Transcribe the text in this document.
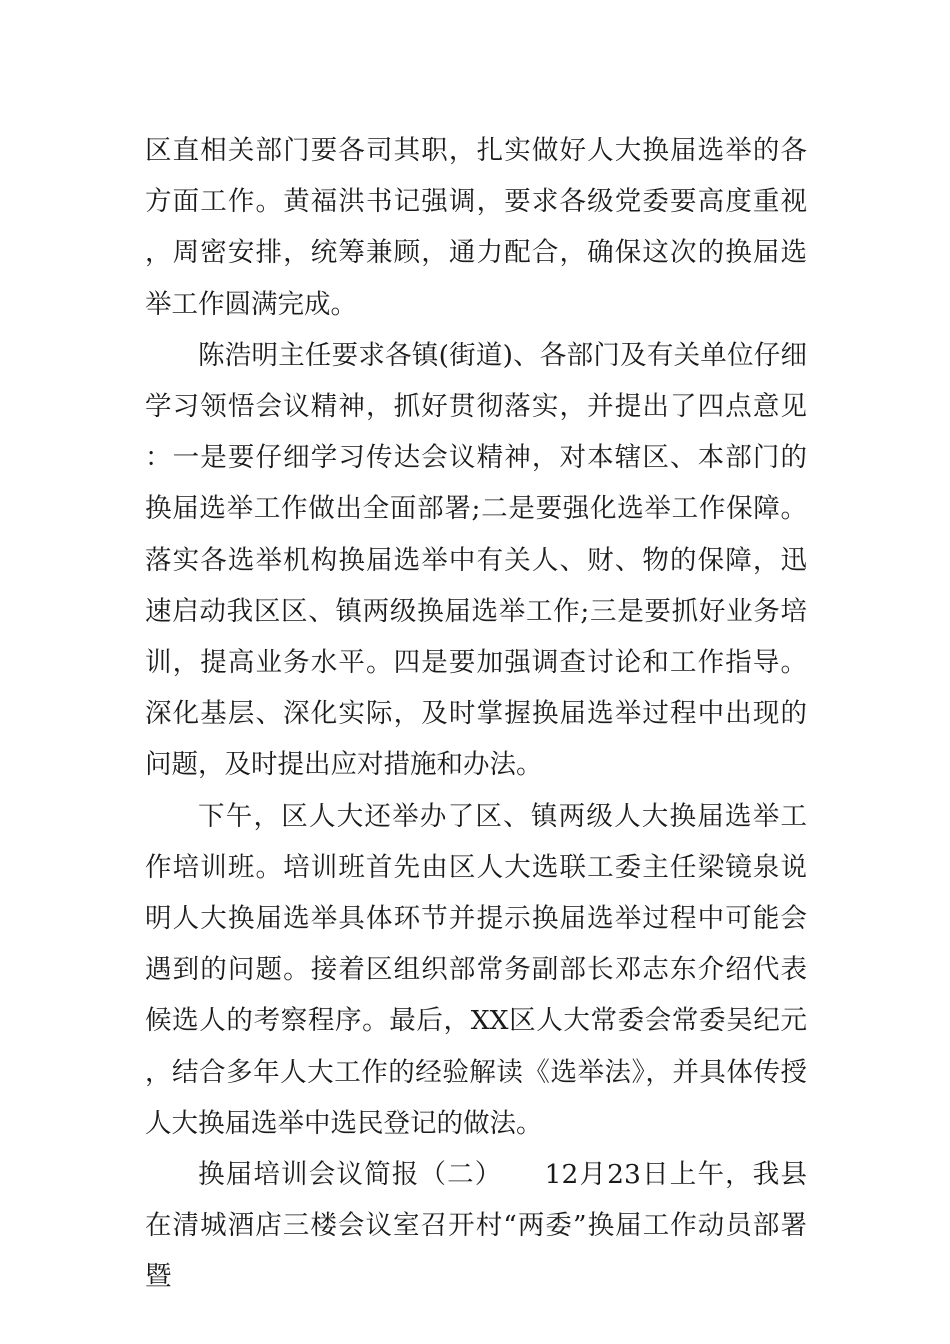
区直相关部门要各司其职，扎实做好人大换届选举的各方面工作。黄福洪书记强调，要求各级党委要高度重视，周密安排，统筹兼顾，通力配合，确保这次的换届选举工作圆满完成。

陈浩明主任要求各镇(街道)、各部门及有关单位仔细学习领悟会议精神，抓好贯彻落实，并提出了四点意见：一是要仔细学习传达会议精神，对本辖区、本部门的换届选举工作做出全面部署;二是要强化选举工作保障。落实各选举机构换届选举中有关人、财、物的保障，迅速启动我区区、镇两级换届选举工作;三是要抓好业务培训，提高业务水平。四是要加强调查讨论和工作指导。深化基层、深化实际，及时掌握换届选举过程中出现的问题，及时提出应对措施和办法。

下午，区人大还举办了区、镇两级人大换届选举工作培训班。培训班首先由区人大选联工委主任梁镜泉说明人大换届选举具体环节并提示换届选举过程中可能会遇到的问题。接着区组织部常务副部长邓志东介绍代表候选人的考察程序。最后，XX区人大常委会常委吴纪元，结合多年人大工作的经验解读《选举法》，并具体传授人大换届选举中选民登记的做法。

换届培训会议简报（二）　　12月23日上午，我县在清城酒店三楼会议室召开村“两委”换届工作动员部署暨
